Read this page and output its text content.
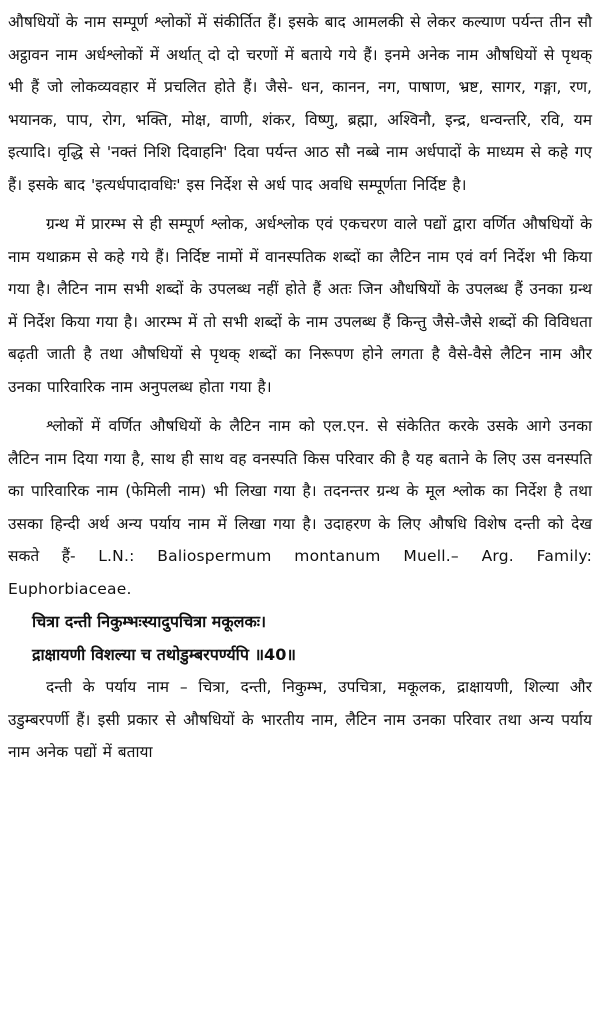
औषधियों के नाम सम्पूर्ण श्लोकों में संकीर्तित हैं। इसके बाद आमलकी से लेकर कल्याण पर्यन्त तीन सौ अट्ठावन नाम अर्धश्लोकों में अर्थात् दो दो चरणों में बताये गये हैं। इनमे अनेक नाम औषधियों से पृथक् भी हैं जो लोकव्यवहार में प्रचलित होते हैं। जैसे- धन, कानन, नग, पाषाण, भ्रष्ट, सागर, गङ्गा, रण, भयानक, पाप, रोग, भक्ति, मोक्ष, वाणी, शंकर, विष्णु, ब्रह्मा, अश्विनौ, इन्द्र, धन्वन्तरि, रवि, यम इत्यादि। वृद्धि से 'नक्तं निशि दिवाहनि' दिवा पर्यन्त आठ सौ नब्बे नाम अर्धपादों के माध्यम से कहे गए हैं। इसके बाद 'इत्यर्धपादावधिः' इस निर्देश से अर्ध पाद अवधि सम्पूर्णता निर्दिष्ट है।

ग्रन्थ में प्रारम्भ से ही सम्पूर्ण श्लोक, अर्धश्लोक एवं एकचरण वाले पद्यों द्वारा वर्णित औषधियों के नाम यथाक्रम से कहे गये हैं। निर्दिष्ट नामों में वानस्पतिक शब्दों का लैटिन नाम एवं वर्ग निर्देश भी किया गया है। लैटिन नाम सभी शब्दों के उपलब्ध नहीं होते हैं अतः जिन औधषियों के उपलब्ध हैं उनका ग्रन्थ में निर्देश किया गया है। आरम्भ में तो सभी शब्दों के नाम उपलब्ध हैं किन्तु जैसे-जैसे शब्दों की विविधता बढ़ती जाती है तथा औषधियों से पृथक् शब्दों का निरूपण होने लगता है वैसे-वैसे लैटिन नाम और उनका पारिवारिक नाम अनुपलब्ध होता गया है।

श्लोकों में वर्णित औषधियों के लैटिन नाम को एल.एन. से संकेतित करके उसके आगे उनका लैटिन नाम दिया गया है, साथ ही साथ वह वनस्पति किस परिवार की है यह बताने के लिए उस वनस्पति का पारिवारिक नाम (फेमिली नाम) भी लिखा गया है। तदनन्तर ग्रन्थ के मूल श्लोक का निर्देश है तथा उसका हिन्दी अर्थ अन्य पर्याय नाम में लिखा गया है। उदाहरण के लिए औषधि विशेष दन्ती को देख सकते हैं- L.N.: Baliospermum montanum Muell.– Arg. Family: Euphorbiaceae.

चित्रा दन्ती निकुम्भःस्यादुपचित्रा मकूलकः।

द्राक्षायणी विशल्या च तथोडुम्बरपर्ण्यपि ॥40॥

दन्ती के पर्याय नाम – चित्रा, दन्ती, निकुम्भ, उपचित्रा, मकूलक, द्राक्षायणी, शिल्या और उडुम्बरपर्णी हैं। इसी प्रकार से औषधियों के भारतीय नाम, लैटिन नाम उनका परिवार तथा अन्य पर्याय नाम अनेक पद्यों में बताया
